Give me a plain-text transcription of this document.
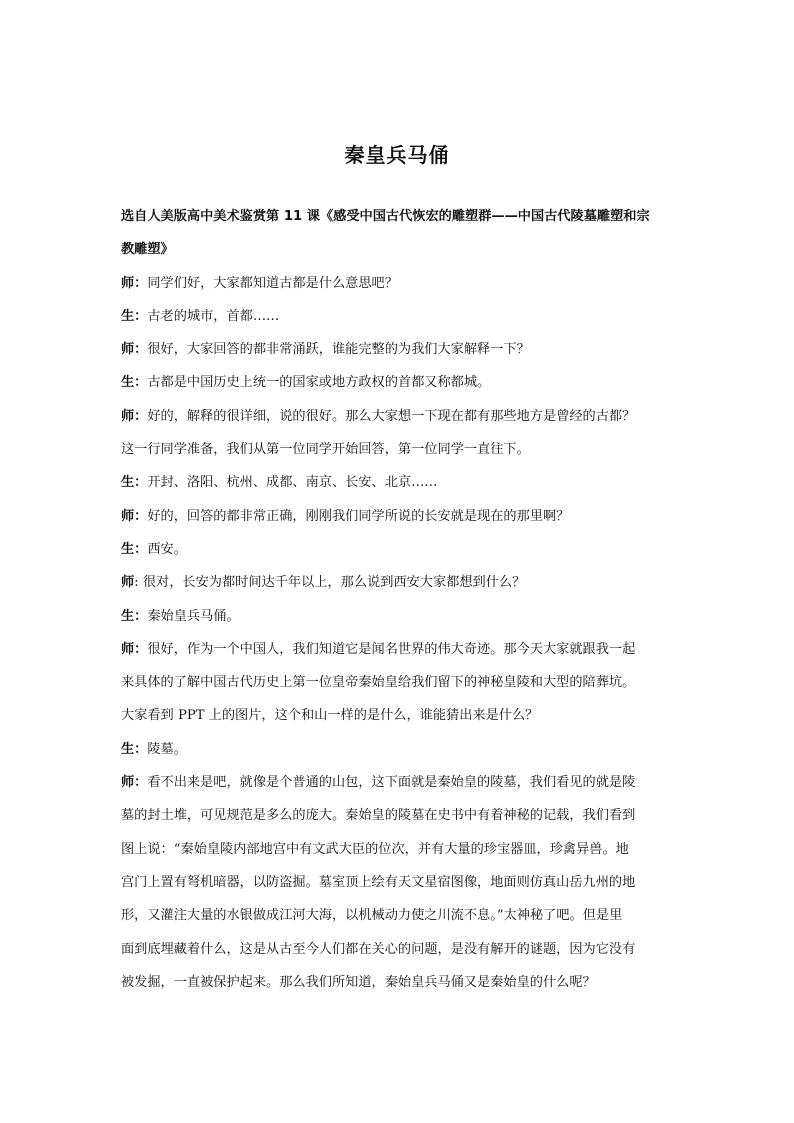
秦皇兵马俑

选自人美版高中美术鉴赏第 11 课《感受中国古代恢宏的雕塑群——中国古代陵墓雕塑和宗
教雕塑》

师：同学们好，大家都知道古都是什么意思吧？

生：古老的城市，首都……

师：很好，大家回答的都非常涌跃，谁能完整的为我们大家解释一下？

生：古都是中国历史上统一的国家或地方政权的首都又称都城。

师：好的，解释的很详细，说的很好。那么大家想一下现在都有那些地方是曾经的古都？
这一行同学准备，我们从第一位同学开始回答，第一位同学一直往下。

生：开封、洛阳、杭州、成都、南京、长安、北京……

师：好的，回答的都非常正确，刚刚我们同学所说的长安就是现在的那里啊？

生：西安。

师: 很对，长安为都时间达千年以上，那么说到西安大家都想到什么？

生：秦始皇兵马俑。

师：很好，作为一个中国人，我们知道它是闻名世界的伟大奇迹。那今天大家就跟我一起
来具体的了解中国古代历史上第一位皇帝秦始皇给我们留下的神秘皇陵和大型的陪葬坑。
大家看到 PPT 上的图片，这个和山一样的是什么，谁能猜出来是什么？

生：陵墓。

师：看不出来是吧，就像是个普通的山包，这下面就是秦始皇的陵墓，我们看见的就是陵
墓的封土堆，可见规范是多么的庞大。秦始皇的陵墓在史书中有着神秘的记载，我们看到
图上说：“秦始皇陵内部地宫中有文武大臣的位次，并有大量的珍宝器皿，珍禽异兽。地
宫门上置有弩机暗器，以防盗掘。墓室顶上绘有天文星宿图像，地面则仿真山岳九州的地
形，又灌注大量的水银做成江河大海，以机械动力使之川流不息。”太神秘了吧。但是里
面到底埋藏着什么，这是从古至今人们都在关心的问题，是没有解开的谜题，因为它没有
被发掘，一直被保护起来。那么我们所知道，秦始皇兵马俑又是秦始皇的什么呢？
